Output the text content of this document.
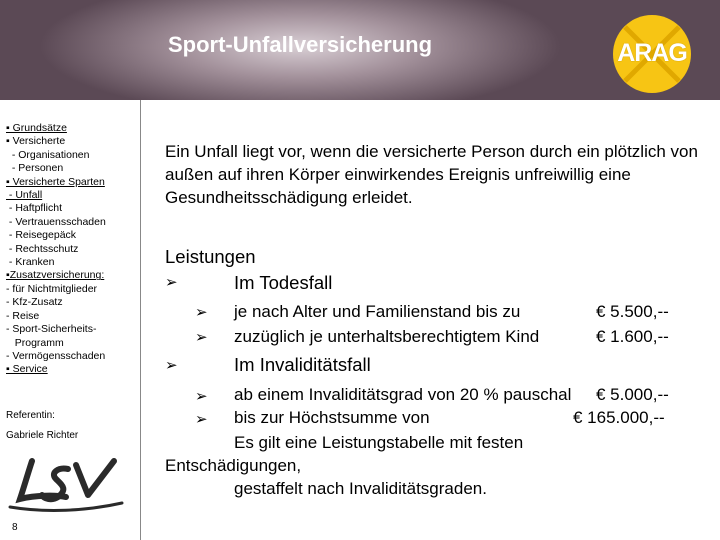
Sport-Unfallversicherung	ARAG
▪ Grundsätze
▪ Versicherte
- Organisationen
- Personen
▪ Versicherte Sparten
- Unfall
- Haftpflicht
- Vertrauensschaden
- Reisegepäck
- Rechtsschutz
- Kranken
▪Zusatzversicherung:
- für Nichtmitglieder
- Kfz-Zusatz
- Reise
- Sport-Sicherheits-
Programm
- Vermögensschaden
▪ Service
Referentin:
Gabriele Richter
8
Ein Unfall liegt vor, wenn die versicherte Person durch ein plötzlich von außen auf ihren Körper einwirkendes Ereignis unfreiwillig eine Gesundheitsschädigung erleidet.
Leistungen
➢	Im Todesfall
➢ je nach Alter und Familienstand bis zu	€ 5.500,--
➢ zuzüglich je unterhaltsberechtigtem Kind	€ 1.600,--
➢	Im Invaliditätsfall
➢ ab einem Invaliditätsgrad von 20 % pauschal € 5.000,--
➢ bis zur Höchstsumme von	€ 165.000,--
Es gilt eine Leistungstabelle mit festen
Entschädigungen,
gestaffelt nach Invaliditätsgraden.
